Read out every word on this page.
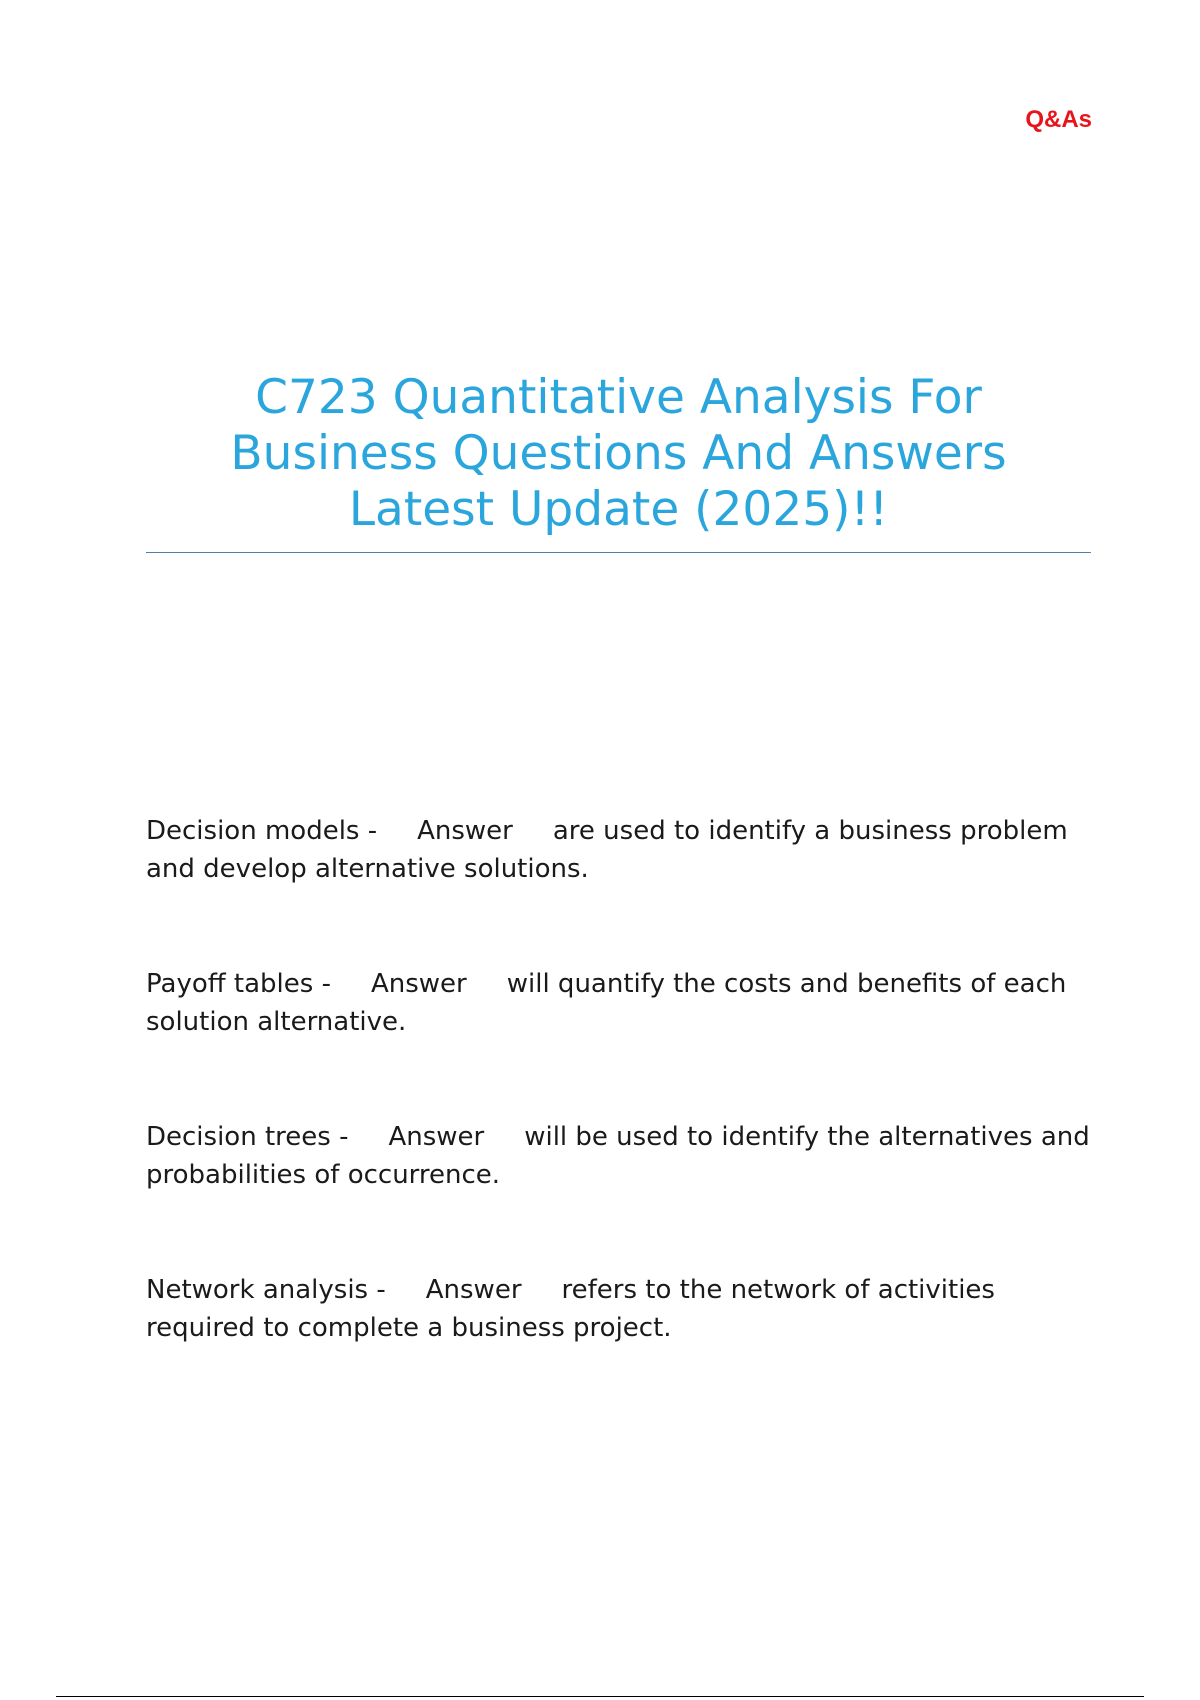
Q&As
C723 Quantitative Analysis For
Business Questions And Answers
Latest Update (2025)!!

Decision models - Answer are used to identify a business problem and develop alternative solutions.

Payoff tables - Answer will quantify the costs and benefits of each solution alternative.

Decision trees - Answer will be used to identify the alternatives and probabilities of occurrence.

Network analysis - Answer refers to the network of activities required to complete a business project.
